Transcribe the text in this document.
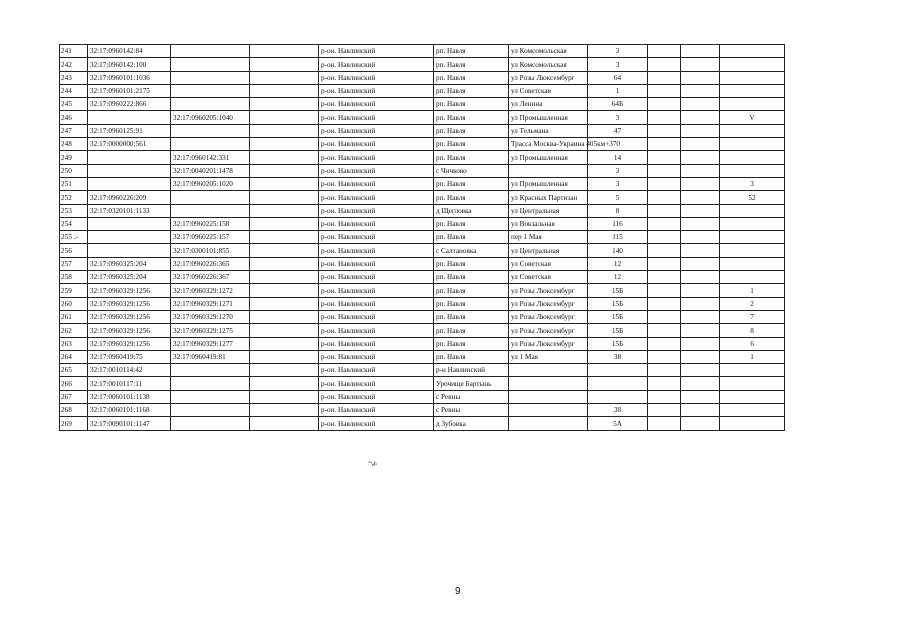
241	32:17:0960142:84			р-он. Навлинский	рп. Навля	ул Комсомольская	3			
242	32:17:0960142:100			р-он. Навлинский	рп. Навля	ул Комсомольская	3			
243	32:17:0960101:1036			р-он. Навлинский	рп. Навля	ул Розы Люксембург	64			
244	32:17:0960101:2175			р-он. Навлинский	рп. Навля	ул Советская	1			
245	32:17:0960222:866			р-он. Навлинский	рп. Навля	ул Ленина	64Б			
246		32:17:0960205:1040		р-он. Навлинский	рп. Навля	ул Промышленная	3			V
247	32:17:0960125:91			р-он. Навлинский	рп. Навля	ул Тельмана	47			
248	32:17:0000000:561			р-он. Навлинский	рп. Навля	Трасса Москва-Украина 405км+370				
249		32:17:0960142:331		р-он. Навлинский	рп. Навля	ул Промышленная	14			
250		32:17:0040201:1478		р-он. Навлинский	с Чичково		3			
251		32:17:0960205:1020		р-он. Навлинский	рп. Навля	ул Промышленная	3			3
252	32:17:0960226:209			р-он. Навлинский	рп. Навля	ул Красных Партизан	5			52
253	32:17:0320101:1133			р-он. Навлинский	д Щегловка	ул Центральная	8			
254		32:17:0960225:158		р-он. Навлинский	рп. Навля	ул Вокзальная	116			
255 .-		32:17:0960225:157		р-он. Навлинский	рп. Навля	пер 1 Мая	115			
256		32:17:0300101:855		р-он. Навлинский	с Салтановка	ул Центральная	140			
257	32:17:0960325:204	32:17:0960226:365		р-он. Навлинский	рп. Навля	ул Советская	12			
258	32:17:0960325:204	32:17:0960226:367		р-он. Навлинский	рп. Навля	ул Советская	12			
259	32:17:0960329:1256	32:17:0960329:1272		р-он. Навлинский	рп. Навля	ул Розы Люксембург	15Б			1
260	32:17:0960329:1256	32:17:0960329:1271		р-он. Навлинский	рп. Навля	ул Розы Люксембург	15Б			2
261	32:17:0960329:1256	32:17:0960329:1270		р-он. Навлинский	рп. Навля	ул Розы Люксембург	15Б			7
262	32:17:0960329:1256	32:17:0960329:1275		р-он. Навлинский	рп. Навля	ул Розы Люксембург	15Б			8
263	32:17:0960329:1256	32:17:0960329:1277		р-он. Навлинский	рп. Навля	ул Розы Люксембург	15Б			6
264	32:17:0960419:75	32:17:0960419:81		р-он. Навлинский	рп. Навля	ул 1 Мая	38			1
265	32:17:0010114:42			р-он. Навлинский	р-н Навлинский					
266	32:17:0010117:11			р-он. Навлинский	Урочище Бартынь					
267	32:17:0060101:1138			р-он. Навлинский	с Ревны					
268	32:17:0060101:1168			р-он. Навлинский	с Ревны		38			
269	32:17:0090101:1147			р-он. Навлинский	д Зубовка		5А			
~ᵧₐₕ
9
